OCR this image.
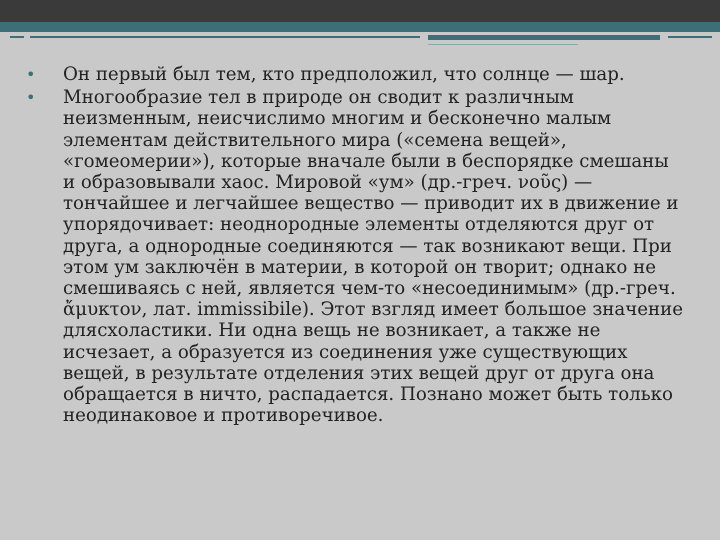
• Он первый был тем, кто предположил, что солнце — шар.
• Многообразие тел в природе он сводит к различным неизменным, неисчислимо многим и бесконечно малым элементам действительного мира («семена вещей», «гомеомерии»), которые вначале были в беспорядке смешаны и образовывали хаос. Мировой «ум» (др.-греч. νοῦς) — тончайшее и легчайшее вещество — приводит их в движение и упорядочивает: неоднородные элементы отделяются друг от друга, а однородные соединяются — так возникают вещи. При этом ум заключён в материи, в которой он творит; однако не смешиваясь с ней, является чем-то «несоединимым» (др.-греч. ἄμυκτον, лат. immissibile). Этот взгляд имеет большое значение длясхоластики. Ни одна вещь не возникает, а также не исчезает, а образуется из соединения уже существующих вещей, в результате отделения этих вещей друг от друга она обращается в ничто, распадается. Познано может быть только неодинаковое и противоречивое.
